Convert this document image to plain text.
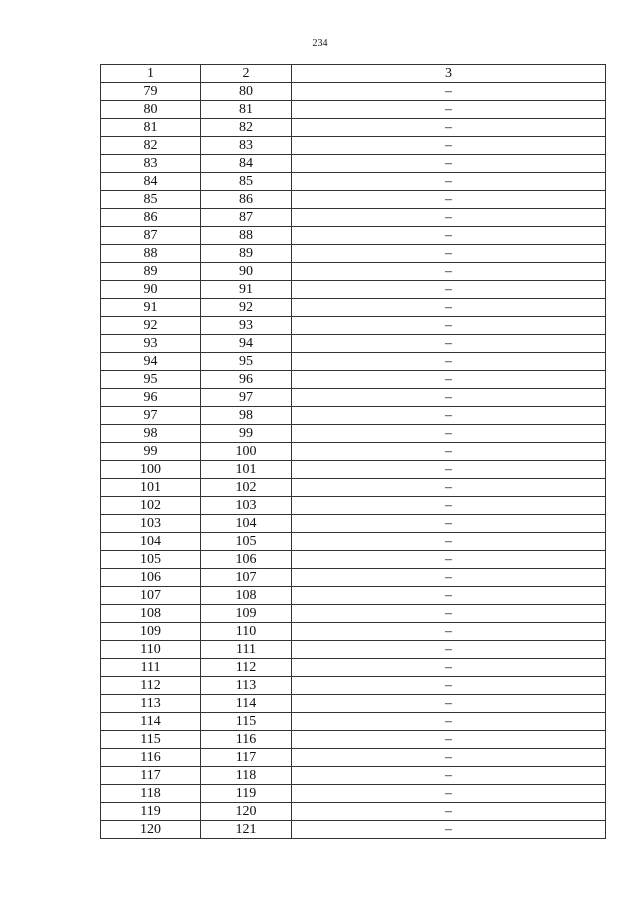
234
1	2	3
79	80	–
80	81	–
81	82	–
82	83	–
83	84	–
84	85	–
85	86	–
86	87	–
87	88	–
88	89	–
89	90	–
90	91	–
91	92	–
92	93	–
93	94	–
94	95	–
95	96	–
96	97	–
97	98	–
98	99	–
99	100	–
100	101	–
101	102	–
102	103	–
103	104	–
104	105	–
105	106	–
106	107	–
107	108	–
108	109	–
109	110	–
110	111	–
111	112	–
112	113	–
113	114	–
114	115	–
115	116	–
116	117	–
117	118	–
118	119	–
119	120	–
120	121	–
